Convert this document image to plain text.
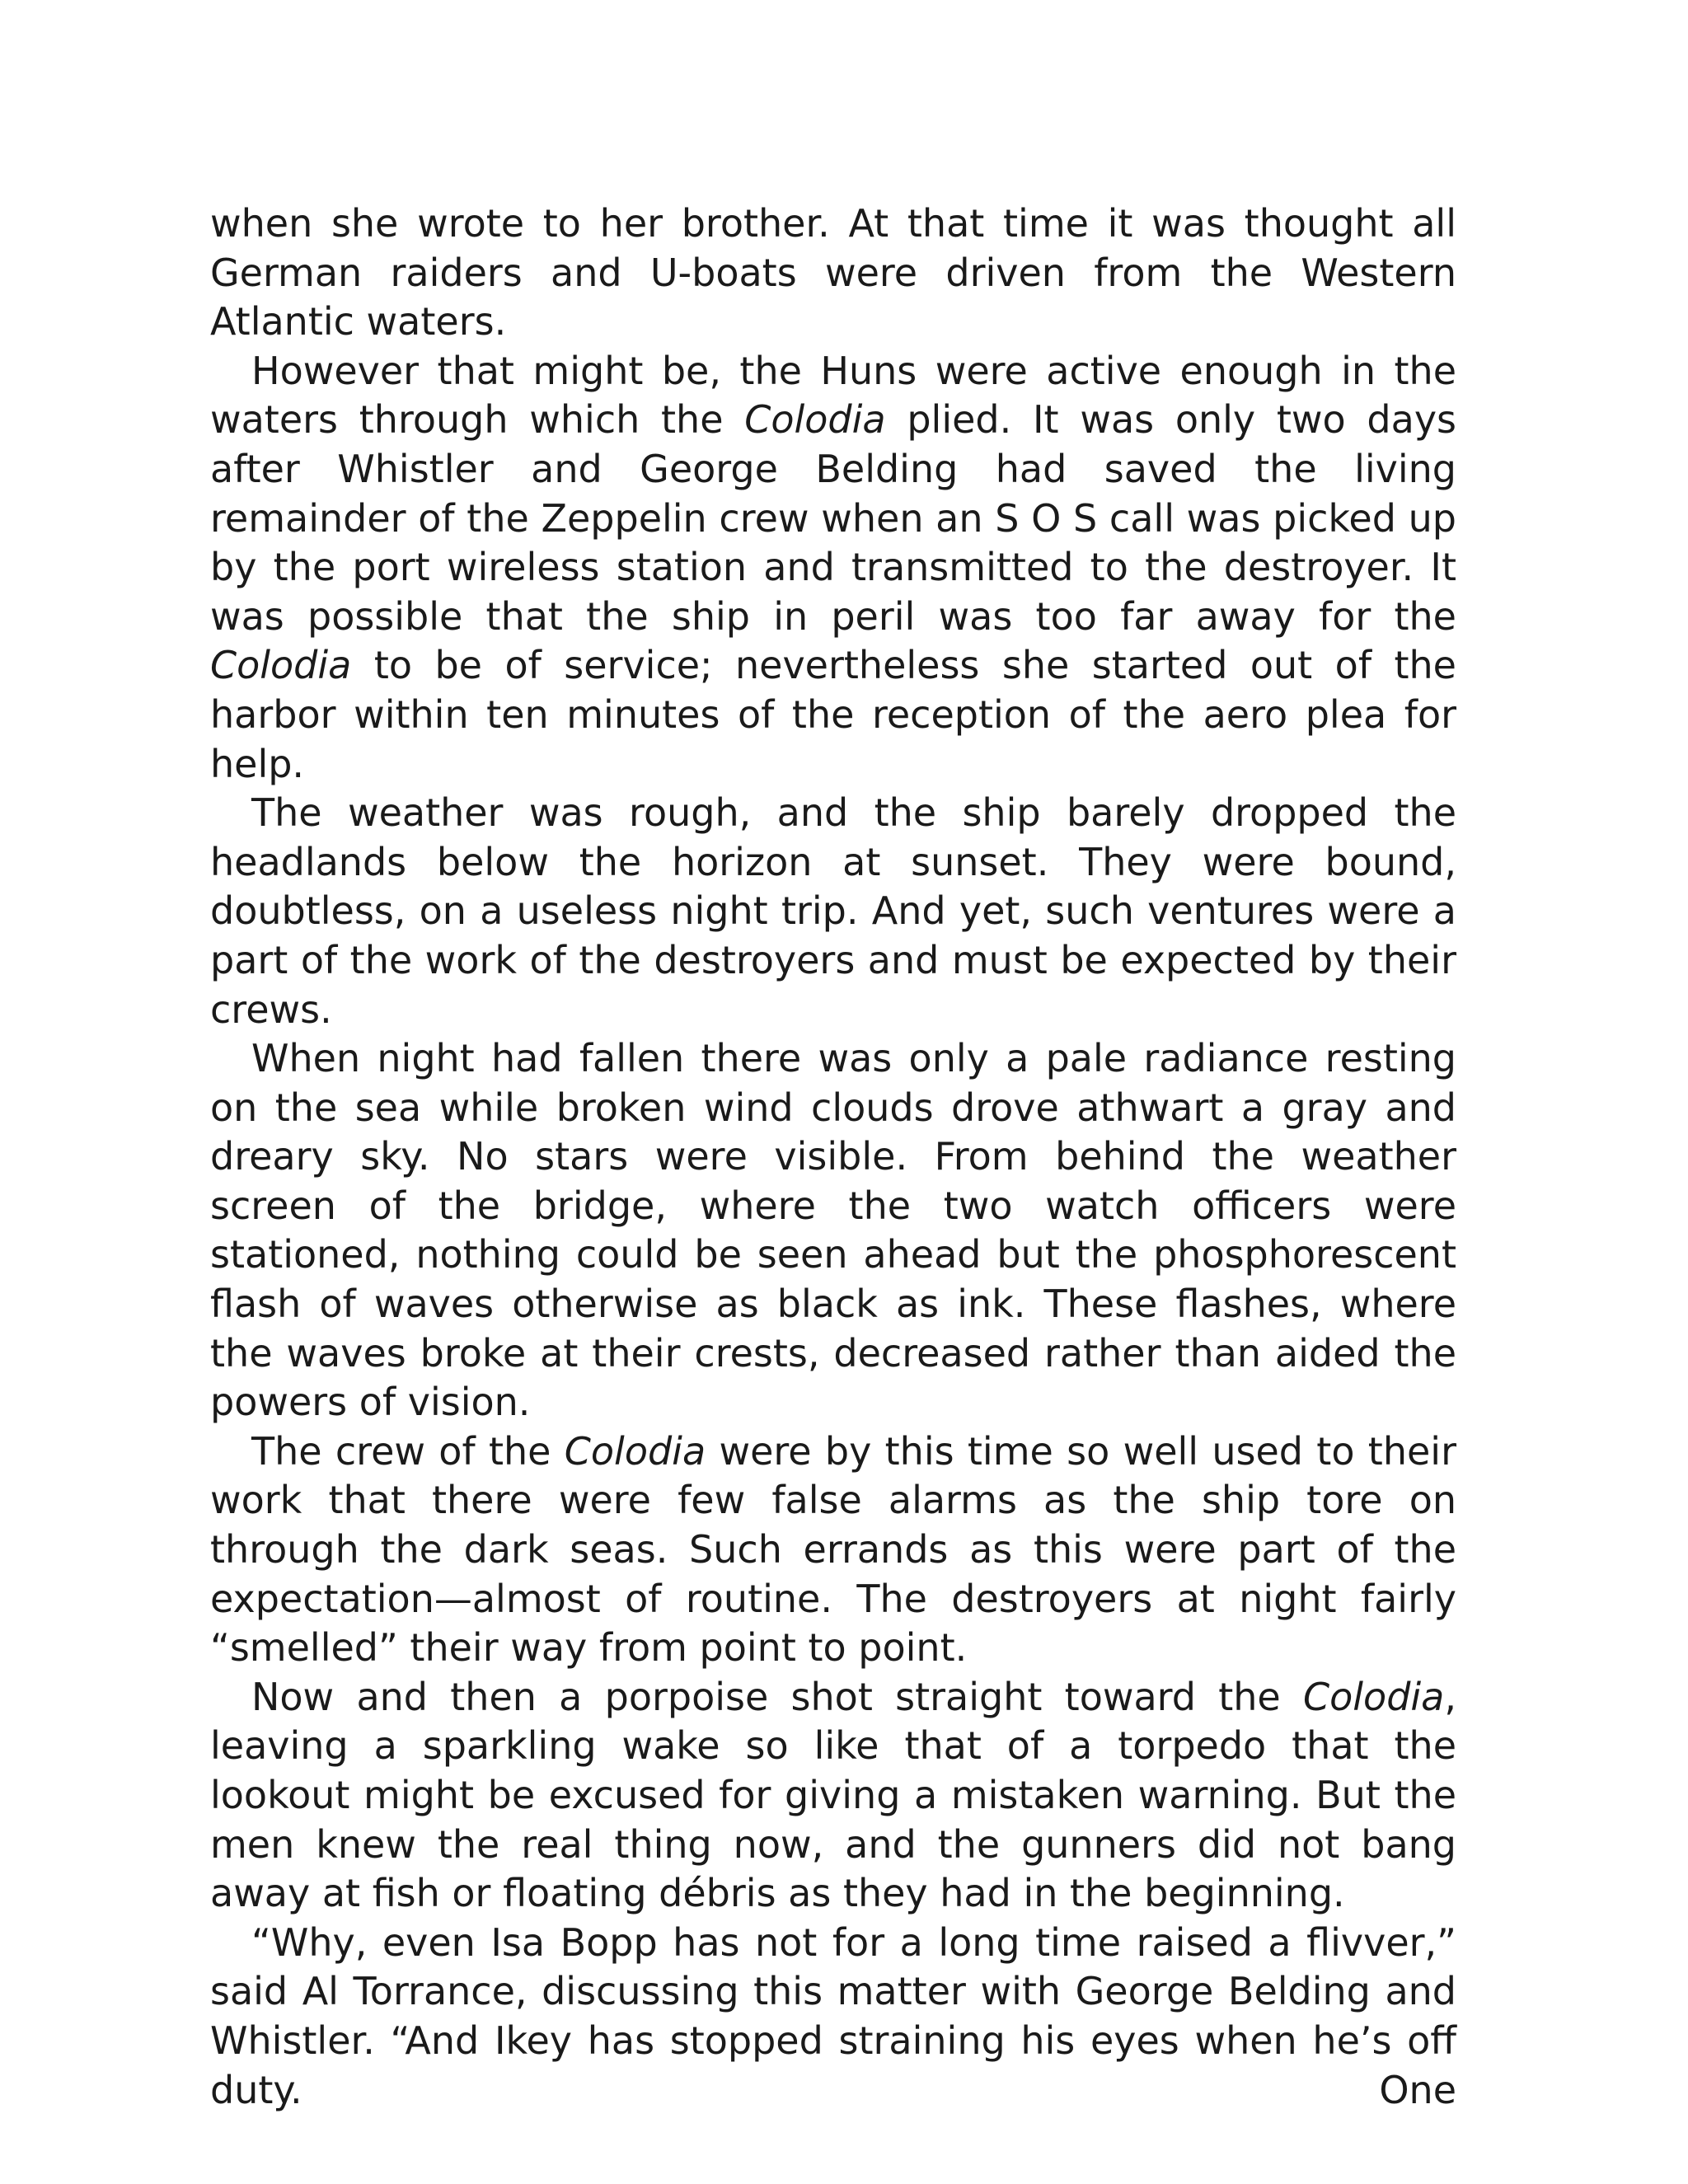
when she wrote to her brother. At that time it was thought all German raiders and U-boats were driven from the Western Atlantic waters.

However that might be, the Huns were active enough in the waters through which the Colodia plied. It was only two days after Whistler and George Belding had saved the living remainder of the Zeppelin crew when an S O S call was picked up by the port wireless station and transmitted to the destroyer. It was possible that the ship in peril was too far away for the Colodia to be of service; nevertheless she started out of the harbor within ten minutes of the reception of the aero plea for help.

The weather was rough, and the ship barely dropped the headlands below the horizon at sunset. They were bound, doubtless, on a useless night trip. And yet, such ventures were a part of the work of the destroyers and must be expected by their crews.

When night had fallen there was only a pale radiance resting on the sea while broken wind clouds drove athwart a gray and dreary sky. No stars were visible. From behind the weather screen of the bridge, where the two watch officers were stationed, nothing could be seen ahead but the phosphorescent flash of waves otherwise as black as ink. These flashes, where the waves broke at their crests, decreased rather than aided the powers of vision.

The crew of the Colodia were by this time so well used to their work that there were few false alarms as the ship tore on through the dark seas. Such errands as this were part of the expectation—almost of routine. The destroyers at night fairly “smelled” their way from point to point.

Now and then a porpoise shot straight toward the Colodia, leaving a sparkling wake so like that of a torpedo that the lookout might be excused for giving a mistaken warning. But the men knew the real thing now, and the gunners did not bang away at fish or floating débris as they had in the beginning.

“Why, even Isa Bopp has not for a long time raised a flivver,” said Al Torrance, discussing this matter with George Belding and Whistler. “And Ikey has stopped straining his eyes when he’s off duty. One
